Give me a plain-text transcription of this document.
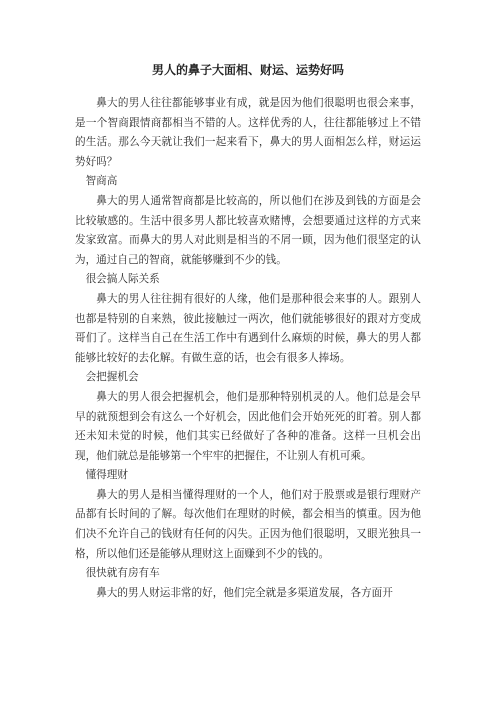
男人的鼻子大面相、财运、运势好吗

鼻大的男人往往都能够事业有成，就是因为他们很聪明也很会来事，是一个智商跟情商都相当不错的人。这样优秀的人，往往都能够过上不错的生活。那么今天就让我们一起来看下，鼻大的男人面相怎么样，财运运势好吗？

智商高

鼻大的男人通常智商都是比较高的，所以他们在涉及到钱的方面是会比较敏感的。生活中很多男人都比较喜欢赌博，会想要通过这样的方式来发家致富。而鼻大的男人对此则是相当的不屑一顾，因为他们很坚定的认为，通过自己的智商，就能够赚到不少的钱。

很会搞人际关系

鼻大的男人往往拥有很好的人缘，他们是那种很会来事的人。跟别人也都是特别的自来熟，彼此接触过一两次，他们就能够很好的跟对方变成哥们了。这样当自己在生活工作中有遇到什么麻烦的时候，鼻大的男人都能够比较好的去化解。有做生意的话，也会有很多人捧场。

会把握机会

鼻大的男人很会把握机会，他们是那种特别机灵的人。他们总是会早早的就预想到会有这么一个好机会，因此他们会开始死死的盯着。别人都还未知未觉的时候，他们其实已经做好了各种的准备。这样一旦机会出现，他们就总是能够第一个牢牢的把握住，不让别人有机可乘。

懂得理财

鼻大的男人是相当懂得理财的一个人，他们对于股票或是银行理财产品都有长时间的了解。每次他们在理财的时候，都会相当的慎重。因为他们决不允许自己的钱财有任何的闪失。正因为他们很聪明，又眼光独具一格，所以他们还是能够从理财这上面赚到不少的钱的。

很快就有房有车

鼻大的男人财运非常的好，他们完全就是多渠道发展，各方面开
